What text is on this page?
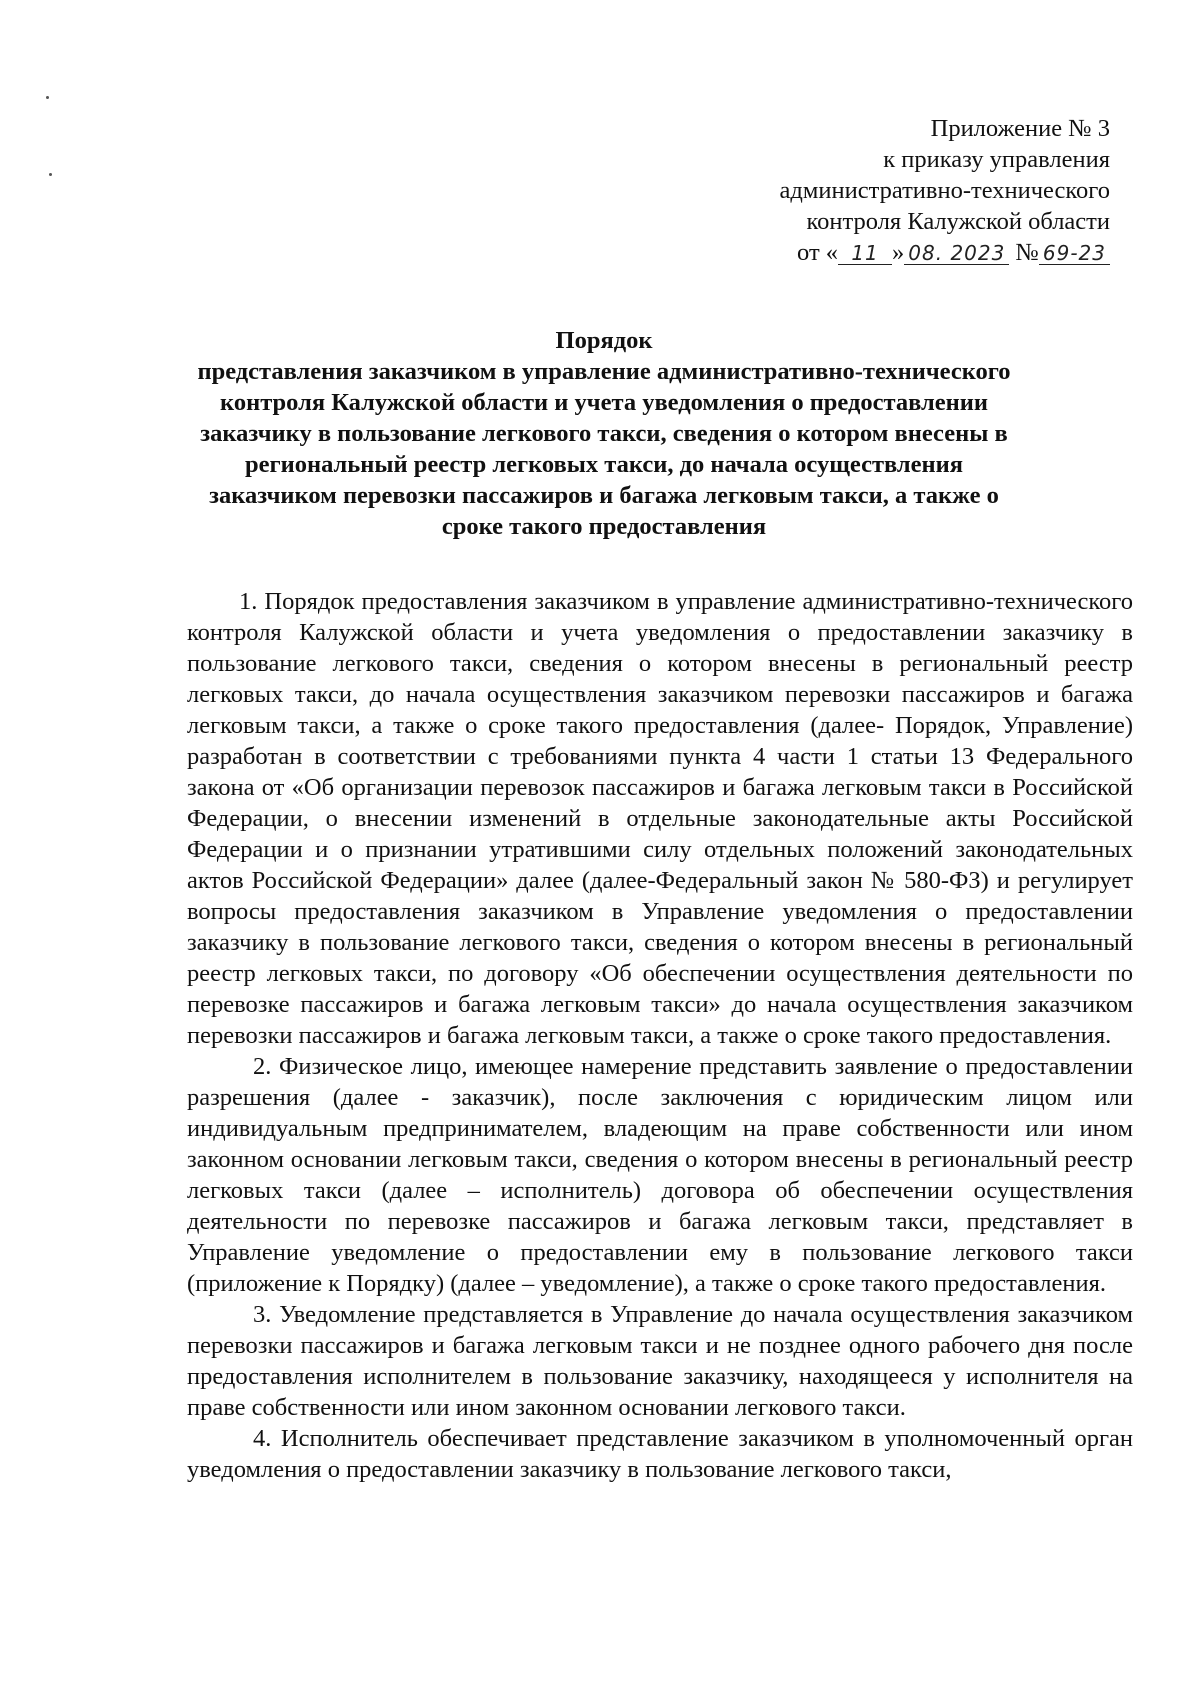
Приложение № 3
к приказу управления
административно-технического
контроля Калужской области
от « 11 » 08. 2023 № 69-23
Порядок
представления заказчиком в управление административно-технического контроля Калужской области и учета уведомления о предоставлении заказчику в пользование легкового такси, сведения о котором внесены в региональный реестр легковых такси, до начала осуществления заказчиком перевозки пассажиров и багажа легковым такси, а также о сроке такого предоставления

1. Порядок предоставления заказчиком в управление административно-технического контроля Калужской области и учета уведомления о предоставлении заказчику в пользование легкового такси, сведения о котором внесены в региональный реестр легковых такси, до начала осуществления заказчиком перевозки пассажиров и багажа легковым такси, а также о сроке такого предоставления (далее- Порядок, Управление) разработан в соответствии с требованиями пункта 4 части 1 статьи 13 Федерального закона от «Об организации перевозок пассажиров и багажа легковым такси в Российской Федерации, о внесении изменений в отдельные законодательные акты Российской Федерации и о признании утратившими силу отдельных положений законодательных актов Российской Федерации» далее (далее-Федеральный закон № 580-ФЗ) и регулирует вопросы предоставления заказчиком в Управление уведомления о предоставлении заказчику в пользование легкового такси, сведения о котором внесены в региональный реестр легковых такси, по договору «Об обеспечении осуществления деятельности по перевозке пассажиров и багажа легковым такси» до начала осуществления заказчиком перевозки пассажиров и багажа легковым такси, а также о сроке такого предоставления.

2. Физическое лицо, имеющее намерение представить заявление о предоставлении разрешения (далее - заказчик), после заключения с юридическим лицом или индивидуальным предпринимателем, владеющим на праве собственности или ином законном основании легковым такси, сведения о котором внесены в региональный реестр легковых такси (далее – исполнитель) договора об обеспечении осуществления деятельности по перевозке пассажиров и багажа легковым такси, представляет в Управление уведомление о предоставлении ему в пользование легкового такси (приложение к Порядку) (далее – уведомление), а также о сроке такого предоставления.

3. Уведомление представляется в Управление до начала осуществления заказчиком перевозки пассажиров и багажа легковым такси и не позднее одного рабочего дня после предоставления исполнителем в пользование заказчику, находящееся у исполнителя на праве собственности или ином законном основании легкового такси.

4. Исполнитель обеспечивает представление заказчиком в уполномоченный орган уведомления о предоставлении заказчику в пользование легкового такси,
